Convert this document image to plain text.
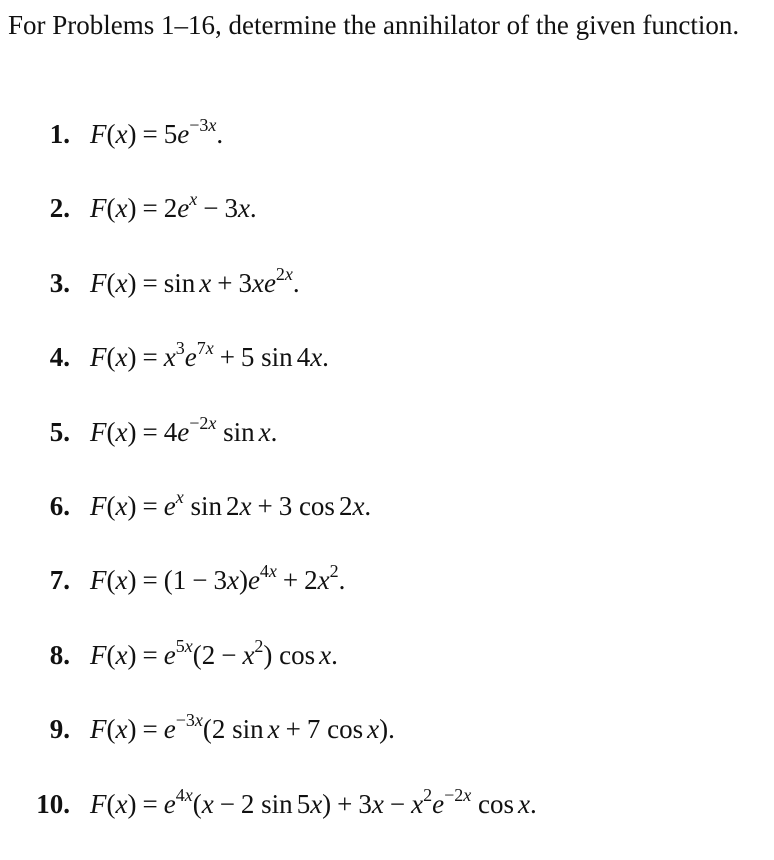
For Problems 1–16, determine the annihilator of the given function.

1. $F(x) = 5e^{-3x}$.
2. $F(x) = 2e^x - 3x$.
3. $F(x) = \sin x + 3xe^{2x}$.
4. $F(x) = x^3e^{7x} + 5$ sin 4x.
5. $F(x) = 4e^{-2x}$ sin x.
6. $F(x) = e^x$ sin 2x + 3 cos 2x.
7. $F(x) = (1 - 3x)e^{4x} + 2x^2$.
8. $F(x) = e^{5x}(2 - x^2)$ cos x.
9. $F(x) = e^{-3x}(2$ sin x + 7 cos x).
10. $F(x) = e^{4x}(x - 2$ $\sin 5x) + 3x - x^2e^{-2x}$ cos x.
